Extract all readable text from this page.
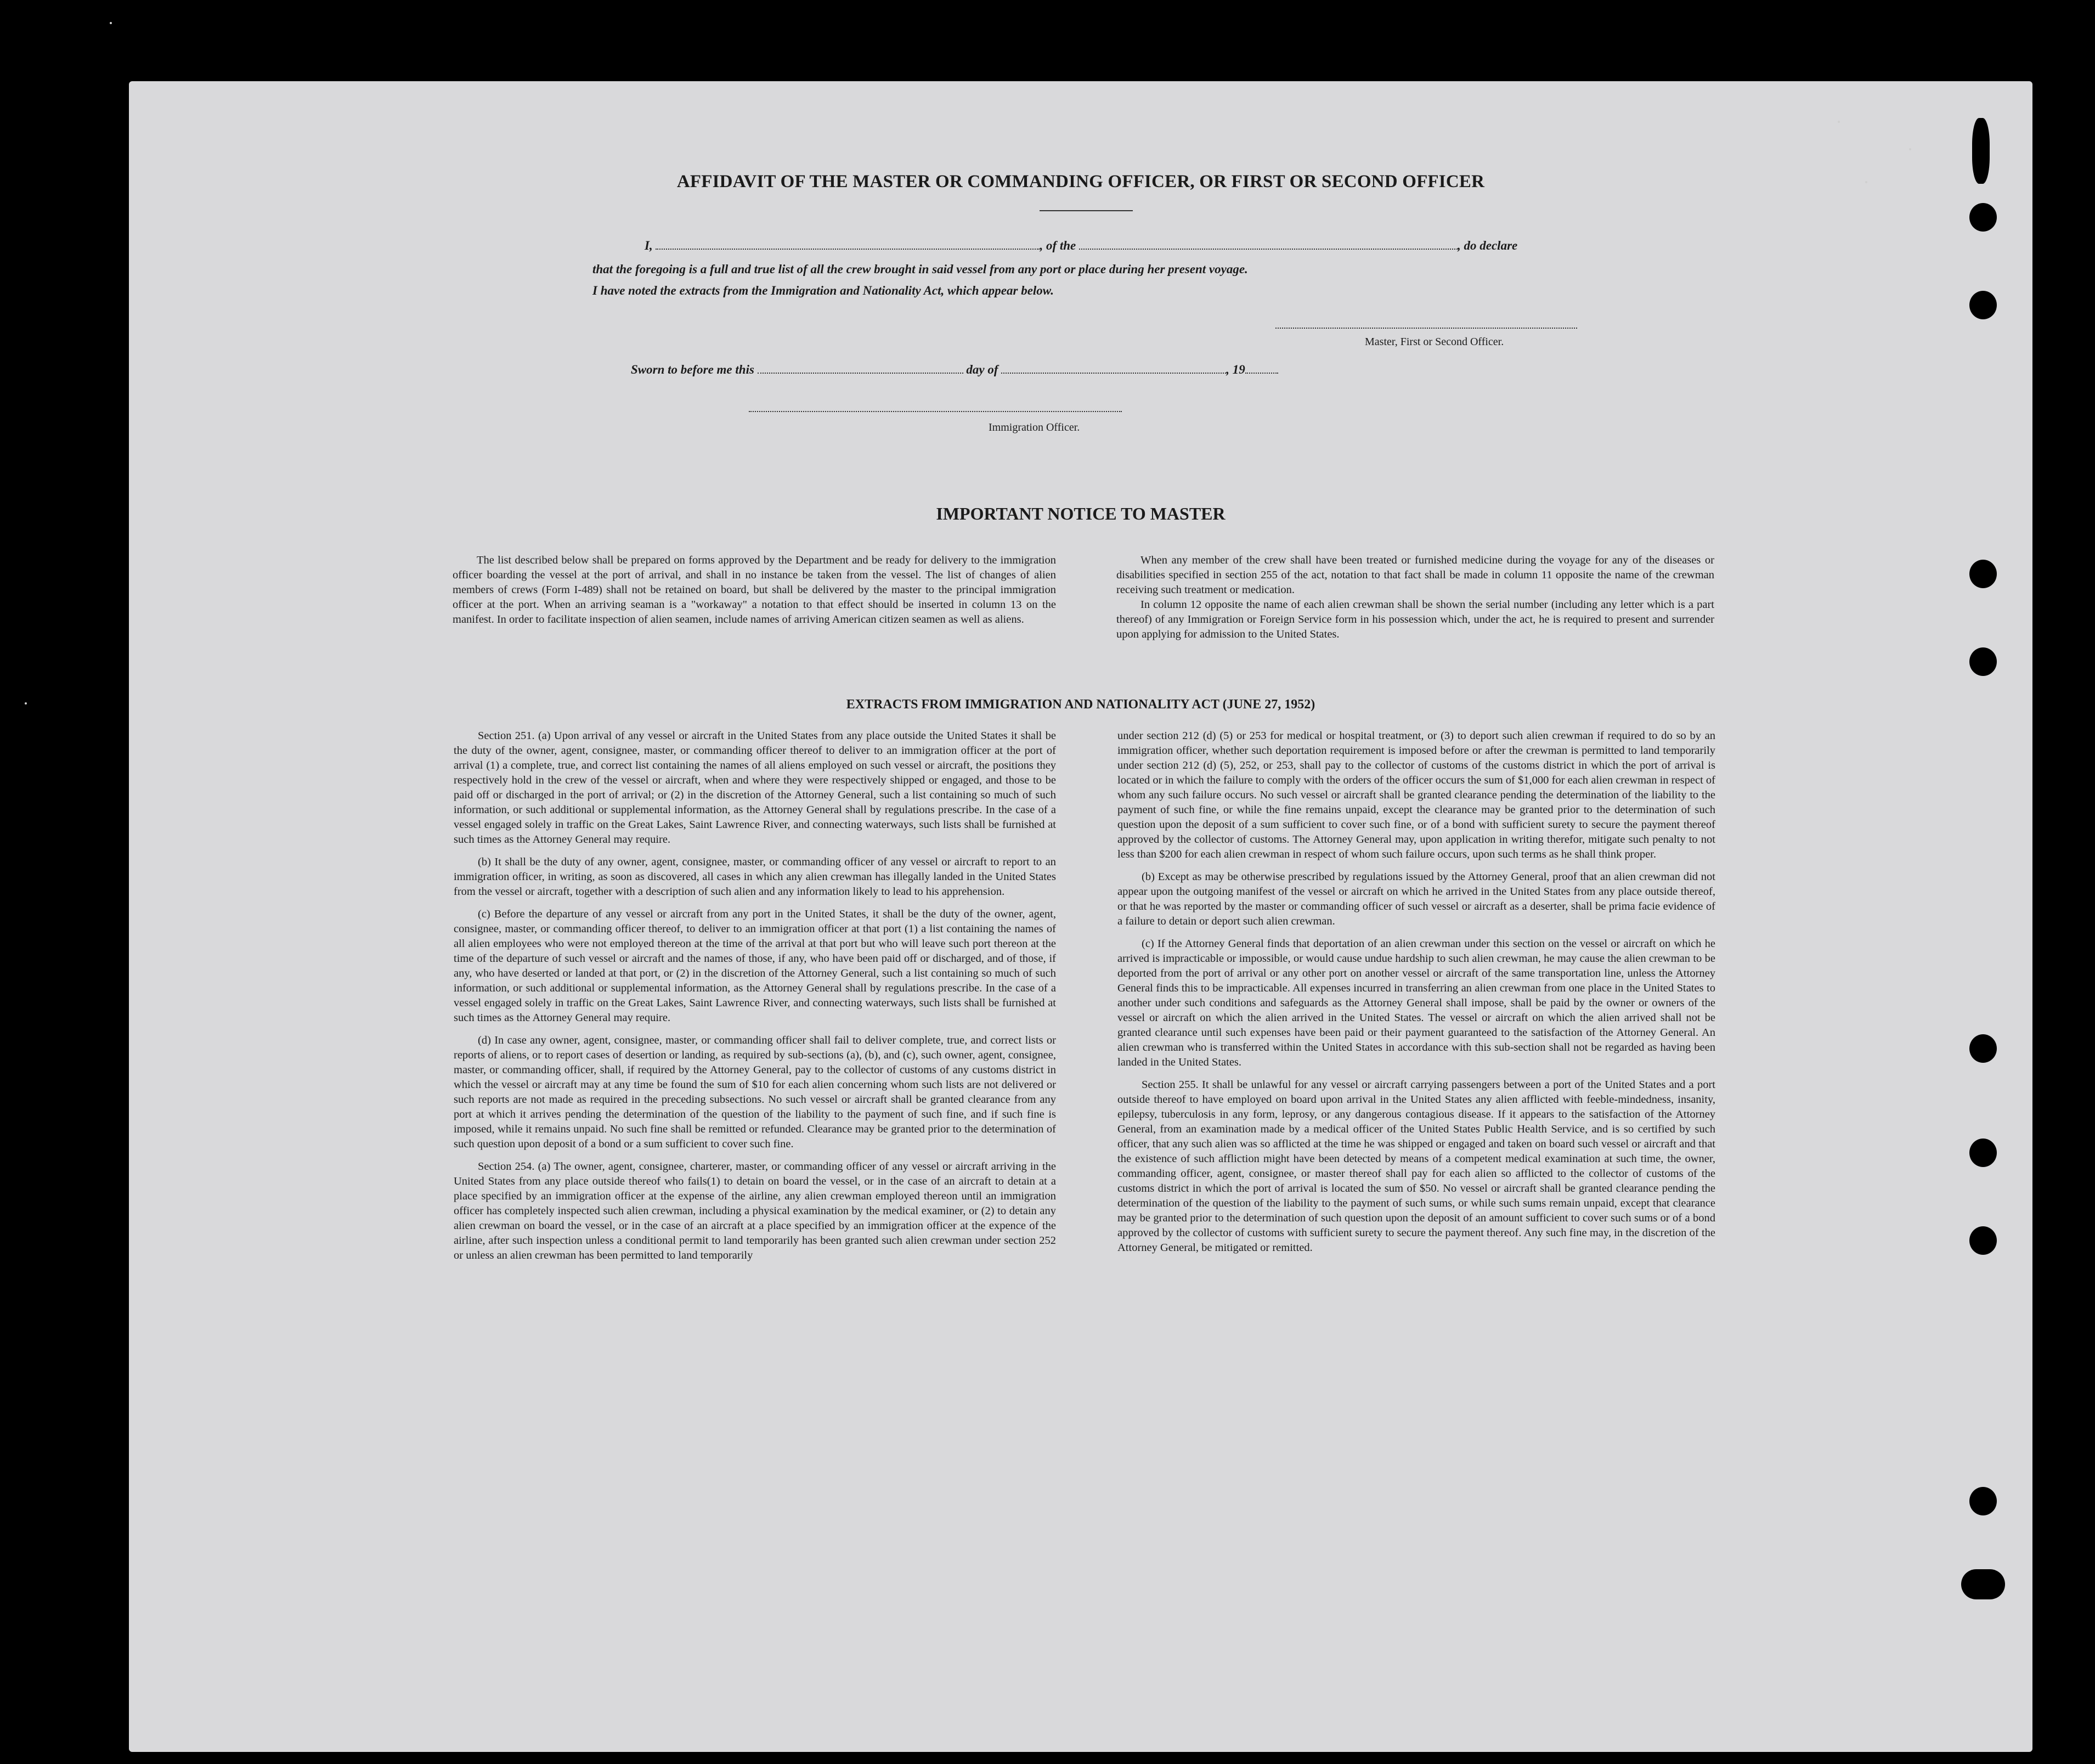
AFFIDAVIT OF THE MASTER OR COMMANDING OFFICER, OR FIRST OR SECOND OFFICER
I,	, of the	, do declare
that the foregoing is a full and true list of all the crew brought in said vessel from any port or place during her present voyage.
I have noted the extracts from the Immigration and Nationality Act, which appear below.
Master, First or Second Officer.
Sworn to before me this	day of	, 19
Immigration Officer.
IMPORTANT NOTICE TO MASTER

The list described below shall be prepared on forms approved by the Department and be ready for delivery to the immigration officer boarding the vessel at the port of arrival, and shall in no instance be taken from the vessel. The list of changes of alien members of crews (Form I-489) shall not be retained on board, but shall be delivered by the master to the principal immigration officer at the port. When an arriving seaman is a "workaway" a notation to that effect should be inserted in column 13 on the manifest. In order to facilitate inspection of alien seamen, include names of arriving American citizen seamen as well as aliens.

When any member of the crew shall have been treated or furnished medicine during the voyage for any of the diseases or disabilities specified in section 255 of the act, notation to that fact shall be made in column 11 opposite the name of the crewman receiving such treatment or medication.

In column 12 opposite the name of each alien crewman shall be shown the serial number (including any letter which is a part thereof) of any Immigration or Foreign Service form in his possession which, under the act, he is required to present and surrender upon applying for admission to the United States.

EXTRACTS FROM IMMIGRATION AND NATIONALITY ACT (JUNE 27, 1952)

Section 251. (a) Upon arrival of any vessel or aircraft in the United States from any place outside the United States it shall be the duty of the owner, agent, consignee, master, or commanding officer thereof to deliver to an immigration officer at the port of arrival (1) a complete, true, and correct list containing the names of all aliens employed on such vessel or aircraft, the positions they respectively hold in the crew of the vessel or aircraft, when and where they were respectively shipped or engaged, and those to be paid off or discharged in the port of arrival; or (2) in the discretion of the Attorney General, such a list containing so much of such information, or such additional or supplemental information, as the Attorney General shall by regulations prescribe. In the case of a vessel engaged solely in traffic on the Great Lakes, Saint Lawrence River, and connecting waterways, such lists shall be furnished at such times as the Attorney General may require.

(b) It shall be the duty of any owner, agent, consignee, master, or commanding officer of any vessel or aircraft to report to an immigration officer, in writing, as soon as discovered, all cases in which any alien crewman has illegally landed in the United States from the vessel or aircraft, together with a description of such alien and any information likely to lead to his apprehension.

(c) Before the departure of any vessel or aircraft from any port in the United States, it shall be the duty of the owner, agent, consignee, master, or commanding officer thereof, to deliver to an immigration officer at that port (1) a list containing the names of all alien employees who were not employed thereon at the time of the arrival at that port but who will leave such port thereon at the time of the departure of such vessel or aircraft and the names of those, if any, who have been paid off or discharged, and of those, if any, who have deserted or landed at that port, or (2) in the discretion of the Attorney General, such a list containing so much of such information, or such additional or supplemental information, as the Attorney General shall by regulations prescribe. In the case of a vessel engaged solely in traffic on the Great Lakes, Saint Lawrence River, and connecting waterways, such lists shall be furnished at such times as the Attorney General may require.

(d) In case any owner, agent, consignee, master, or commanding officer shall fail to deliver complete, true, and correct lists or reports of aliens, or to report cases of desertion or landing, as required by sub-sections (a), (b), and (c), such owner, agent, consignee, master, or commanding officer, shall, if required by the Attorney General, pay to the collector of customs of any customs district in which the vessel or aircraft may at any time be found the sum of $10 for each alien concerning whom such lists are not delivered or such reports are not made as required in the preceding subsections. No such vessel or aircraft shall be granted clearance from any port at which it arrives pending the determination of the question of the liability to the payment of such fine, and if such fine is imposed, while it remains unpaid. No such fine shall be remitted or refunded. Clearance may be granted prior to the determination of such question upon deposit of a bond or a sum sufficient to cover such fine.

Section 254. (a) The owner, agent, consignee, charterer, master, or commanding officer of any vessel or aircraft arriving in the United States from any place outside thereof who fails(1) to detain on board the vessel, or in the case of an aircraft to detain at a place specified by an immigration officer at the expense of the airline, any alien crewman employed thereon until an immigration officer has completely inspected such alien crewman, including a physical examination by the medical examiner, or (2) to detain any alien crewman on board the vessel, or in the case of an aircraft at a place specified by an immigration officer at the expence of the airline, after such inspection unless a conditional permit to land temporarily has been granted such alien crewman under section 252 or unless an alien crewman has been permitted to land temporarily

under section 212 (d) (5) or 253 for medical or hospital treatment, or (3) to deport such alien crewman if required to do so by an immigration officer, whether such deportation requirement is imposed before or after the crewman is permitted to land temporarily under section 212 (d) (5), 252, or 253, shall pay to the collector of customs of the customs district in which the port of arrival is located or in which the failure to comply with the orders of the officer occurs the sum of $1,000 for each alien crewman in respect of whom any such failure occurs. No such vessel or aircraft shall be granted clearance pending the determination of the liability to the payment of such fine, or while the fine remains unpaid, except the clearance may be granted prior to the determination of such question upon the deposit of a sum sufficient to cover such fine, or of a bond with sufficient surety to secure the payment thereof approved by the collector of customs. The Attorney General may, upon application in writing therefor, mitigate such penalty to not less than $200 for each alien crewman in respect of whom such failure occurs, upon such terms as he shall think proper.

(b) Except as may be otherwise prescribed by regulations issued by the Attorney General, proof that an alien crewman did not appear upon the outgoing manifest of the vessel or aircraft on which he arrived in the United States from any place outside thereof, or that he was reported by the master or commanding officer of such vessel or aircraft as a deserter, shall be prima facie evidence of a failure to detain or deport such alien crewman.

(c) If the Attorney General finds that deportation of an alien crewman under this section on the vessel or aircraft on which he arrived is impracticable or impossible, or would cause undue hardship to such alien crewman, he may cause the alien crewman to be deported from the port of arrival or any other port on another vessel or aircraft of the same transportation line, unless the Attorney General finds this to be impracticable. All expenses incurred in transferring an alien crewman from one place in the United States to another under such conditions and safeguards as the Attorney General shall impose, shall be paid by the owner or owners of the vessel or aircraft on which the alien arrived in the United States. The vessel or aircraft on which the alien arrived shall not be granted clearance until such expenses have been paid or their payment guaranteed to the satisfaction of the Attorney General. An alien crewman who is transferred within the United States in accordance with this sub-section shall not be regarded as having been landed in the United States.

Section 255. It shall be unlawful for any vessel or aircraft carrying passengers between a port of the United States and a port outside thereof to have employed on board upon arrival in the United States any alien afflicted with feeble-mindedness, insanity, epilepsy, tuberculosis in any form, leprosy, or any dangerous contagious disease. If it appears to the satisfaction of the Attorney General, from an examination made by a medical officer of the United States Public Health Service, and is so certified by such officer, that any such alien was so afflicted at the time he was shipped or engaged and taken on board such vessel or aircraft and that the existence of such affliction might have been detected by means of a competent medical examination at such time, the owner, commanding officer, agent, consignee, or master thereof shall pay for each alien so afflicted to the collector of customs of the customs district in which the port of arrival is located the sum of $50. No vessel or aircraft shall be granted clearance pending the determination of the question of the liability to the payment of such sums, or while such sums remain unpaid, except that clearance may be granted prior to the determination of such question upon the deposit of an amount sufficient to cover such sums or of a bond approved by the collector of customs with sufficient surety to secure the payment thereof. Any such fine may, in the discretion of the Attorney General, be mitigated or remitted.
